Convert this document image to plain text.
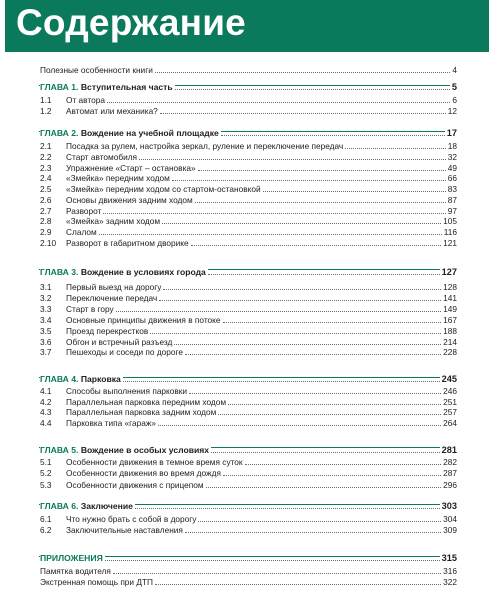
Содержание
Полезные особенности книги	4
ГЛАВА 1. Вступительная часть	5
1.1	От автора	6
1.2	Автомат или механика?	12
ГЛАВА 2. Вождение на учебной площадке	17
2.1	Посадка за рулем, настройка зеркал, руление и переключение передач	18
2.2	Старт автомобиля	32
2.3	Упражнение «Старт – остановка»	49
2.4	«Змейка» передним ходом	66
2.5	«Змейка» передним ходом со стартом-остановкой	83
2.6	Основы движения задним ходом	87
2.7	Разворот	97
2.8	«Змейка» задним ходом	105
2.9	Слалом	116
2.10	Разворот в габаритном дворике	121
ГЛАВА 3. Вождение в условиях города	127
3.1	Первый выезд на дорогу	128
3.2	Переключение передач	141
3.3	Старт в гору	149
3.4	Основные принципы движения в потоке	167
3.5	Проезд перекрестков	188
3.6	Обгон и встречный разъезд	214
3.7	Пешеходы и соседи по дороге	228
ГЛАВА 4. Парковка	245
4.1	Способы выполнения парковки	246
4.2	Параллельная парковка передним ходом	251
4.3	Параллельная парковка задним ходом	257
4.4	Парковка типа «гараж»	264
ГЛАВА 5. Вождение в особых условиях	281
5.1	Особенности движения в темное время суток	282
5.2	Особенности движения во время дождя	287
5.3	Особенности движения с прицепом	296
ГЛАВА 6. Заключение	303
6.1	Что нужно брать с собой в дорогу	304
6.2	Заключительные наставления	309
ПРИЛОЖЕНИЯ	315
Памятка водителя	316
Экстренная помощь при ДТП	322
